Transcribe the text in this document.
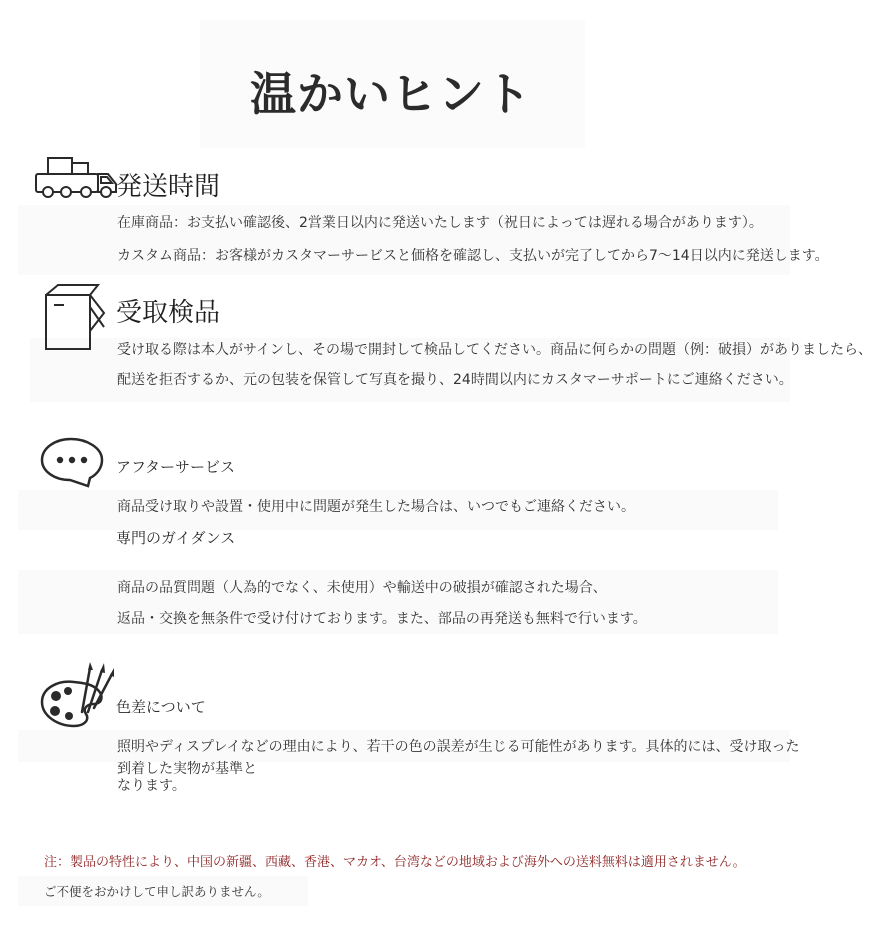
温かいヒント
発送時間
在庫商品：お支払い確認後、2営業日以内に発送いたします（祝日によっては遅れる場合があります）。
カスタム商品：お客様がカスタマーサービスと価格を確認し、支払いが完了してから7〜14日以内に発送します。
受取検品
受け取る際は本人がサインし、その場で開封して検品してください。商品に何らかの問題（例：破損）がありましたら、
配送を拒否するか、元の包装を保管して写真を撮り、24時間以内にカスタマーサポートにご連絡ください。
アフターサービス
商品受け取りや設置・使用中に問題が発生した場合は、いつでもご連絡ください。
専門のガイダンス
商品の品質問題（人為的でなく、未使用）や輸送中の破損が確認された場合、
返品・交換を無条件で受け付けております。また、部品の再発送も無料で行います。
色差について
照明やディスプレイなどの理由により、若干の色の誤差が生じる可能性があります。具体的には、受け取った
到着した実物が基準と
なります。
注：製品の特性により、中国の新疆、西藏、香港、マカオ、台湾などの地域および海外への送料無料は適用されません。
ご不便をおかけして申し訳ありません。
